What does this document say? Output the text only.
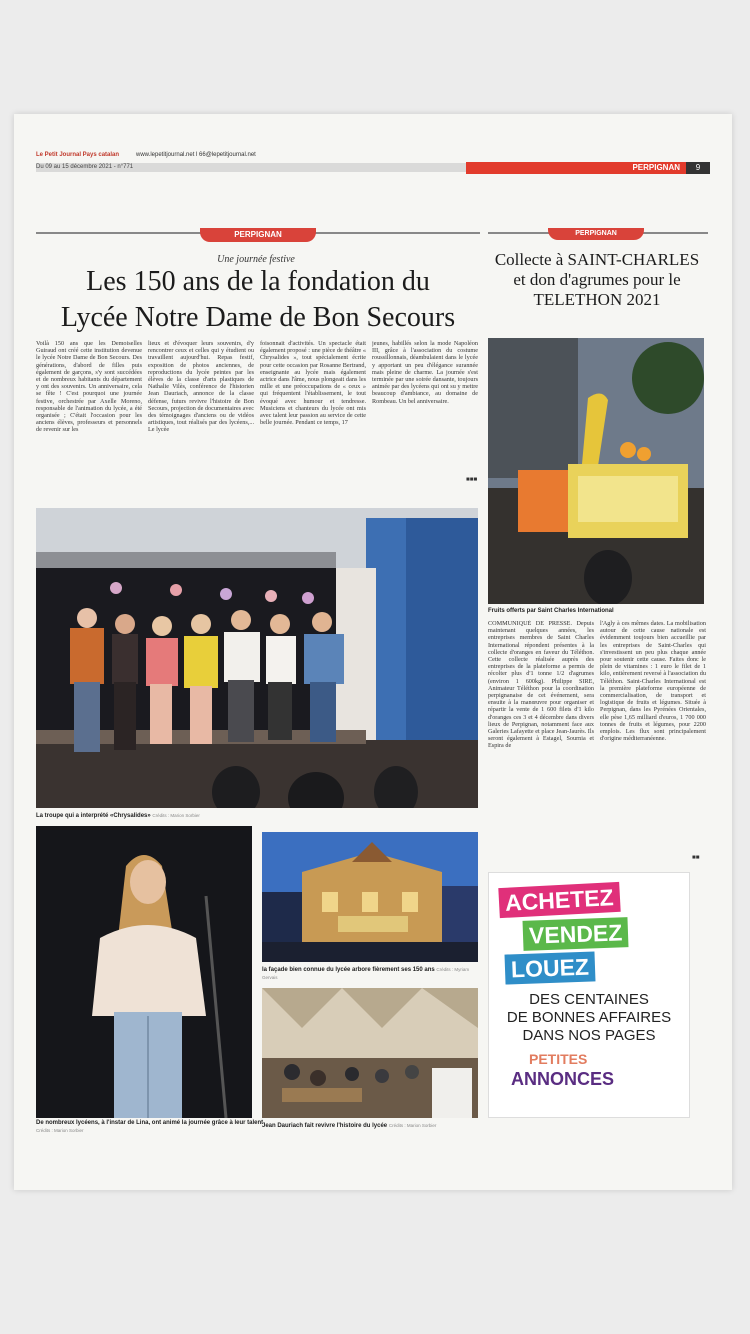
Le Petit Journal Pays catalan	www.lepetitjournal.net l 66@lepetitjournal.net
Du 09 au 15 décembre 2021 - n°771	PERPIGNAN	9
PERPIGNAN
Une journée festive
Les 150 ans de la fondation du
Lycée Notre Dame de Bon Secours
Voilà 150 ans que les Demoiselles Guiraud ont créé cette institution devenue le lycée Notre Dame de Bon Secours. Des générations, d'abord de filles puis également de garçons, s'y sont succédées et de nombreux habitants du département y ont des souvenirs. Un anniversaire, cela se fête ! C'est pourquoi une journée festive, orchestrée par Axelle Moreno, responsable de l'animation du lycée, a été organisée ; C'était l'occasion pour les anciens élèves, professeurs et personnels de revenir sur les
lieux et d'évoquer leurs souvenirs, d'y rencontrer ceux et celles qui y étudient ou travaillent aujourd'hui. Repas festif, exposition de photos anciennes, de reproductions du lycée peintes par les élèves de la classe d'arts plastiques de Nathalie Vilès, conférence de l'historien Jean Dauriach, annonce de la classe défense, futurs revivre l'histoire de Bon Secours, projection de documentaires avec des témoignages d'anciens ou de vidéos artistiques, tout réalisés par des lycéens,... Le lycée
foisonnait d'activités. Un spectacle était également proposé : une pièce de théâtre « Chrysalides », tout spécialement écrite pour cette occasion par Rosanne Bertrand, enseignante au lycée mais également actrice dans l'âme, nous plongeait dans les mille et une préoccupations de « ceux » qui fréquentent l'établissement, le tout évoqué avec humour et tendresse. Musiciens et chanteurs du lycée ont mis avec talent leur passion au service de cette belle journée. Pendant ce temps, 17
jeunes, habillés selon la mode Napoléon III, grâce à l'association du costume roussillonnais, déambulaient dans le lycée y apportant un peu d'élégance surannée mais pleine de charme. La journée s'est terminée par une soirée dansante, toujours animée par des lycéens qui ont su y mettre beaucoup d'ambiance, au domaine de Rombeau. Un bel anniversaire.
■■■
La troupe qui a interprété «Chrysalides» Crédits : Marion Sorbier
De nombreux lycéens, à l'instar de Lina, ont animé la journée grâce à leur talent Crédits : Marion Sorbier
la façade bien connue du lycée arbore fièrement ses 150 ans Crédits : Myriam Gervais
Jean Dauriach fait revivre l'histoire du lycée Crédits : Marion Sorbier
PERPIGNAN
Collecte à SAINT-CHARLES
et don d'agrumes pour le
TELETHON 2021
Fruits offerts par Saint Charles International
COMMUNIQUÉ DE PRESSE. Depuis maintenant quelques années, les entreprises membres de Saint Charles International répondent présentes à la collecte d'oranges en faveur du Téléthon. Cette collecte réalisée auprès des entreprises de la plateforme a permis de récolter plus d'1 tonne 1/2 d'agrumes (environ 1 600kg). Philippe SIRE, Animateur Téléthon pour la coordination perpignanaise de cet événement, sera ensuite à la manœuvre pour organiser et répartir la vente de 1 600 filets d'1 kilo d'oranges ces 3 et 4 décembre dans divers lieux de Perpignan, notamment face aux Galeries Lafayette et place Jean-Jaurès. Ils seront également à Estagel, Sournia et Espira de
l'Agly à ces mêmes dates. La mobilisation autour de cette cause nationale est évidemment toujours bien accueillie par les entreprises de Saint-Charles qui s'investissent un peu plus chaque année pour soutenir cette cause. Faites donc le plein de vitamines : 1 euro le filet de 1 kilo, entièrement reversé à l'association du Téléthon. Saint-Charles International est la première plateforme européenne de commercialisation, de transport et logistique de fruits et légumes. Située à Perpignan, dans les Pyrénées Orientales, elle pèse 1,65 milliard d'euros, 1 700 000 tonnes de fruits et légumes, pour 2200 emplois. Les flux sont principalement d'origine méditerranéenne.
■■
ACHETEZ
VENDEZ
LOUEZ
DES CENTAINES
DE BONNES AFFAIRES
DANS NOS PAGES
PETITES
ANNONCES
